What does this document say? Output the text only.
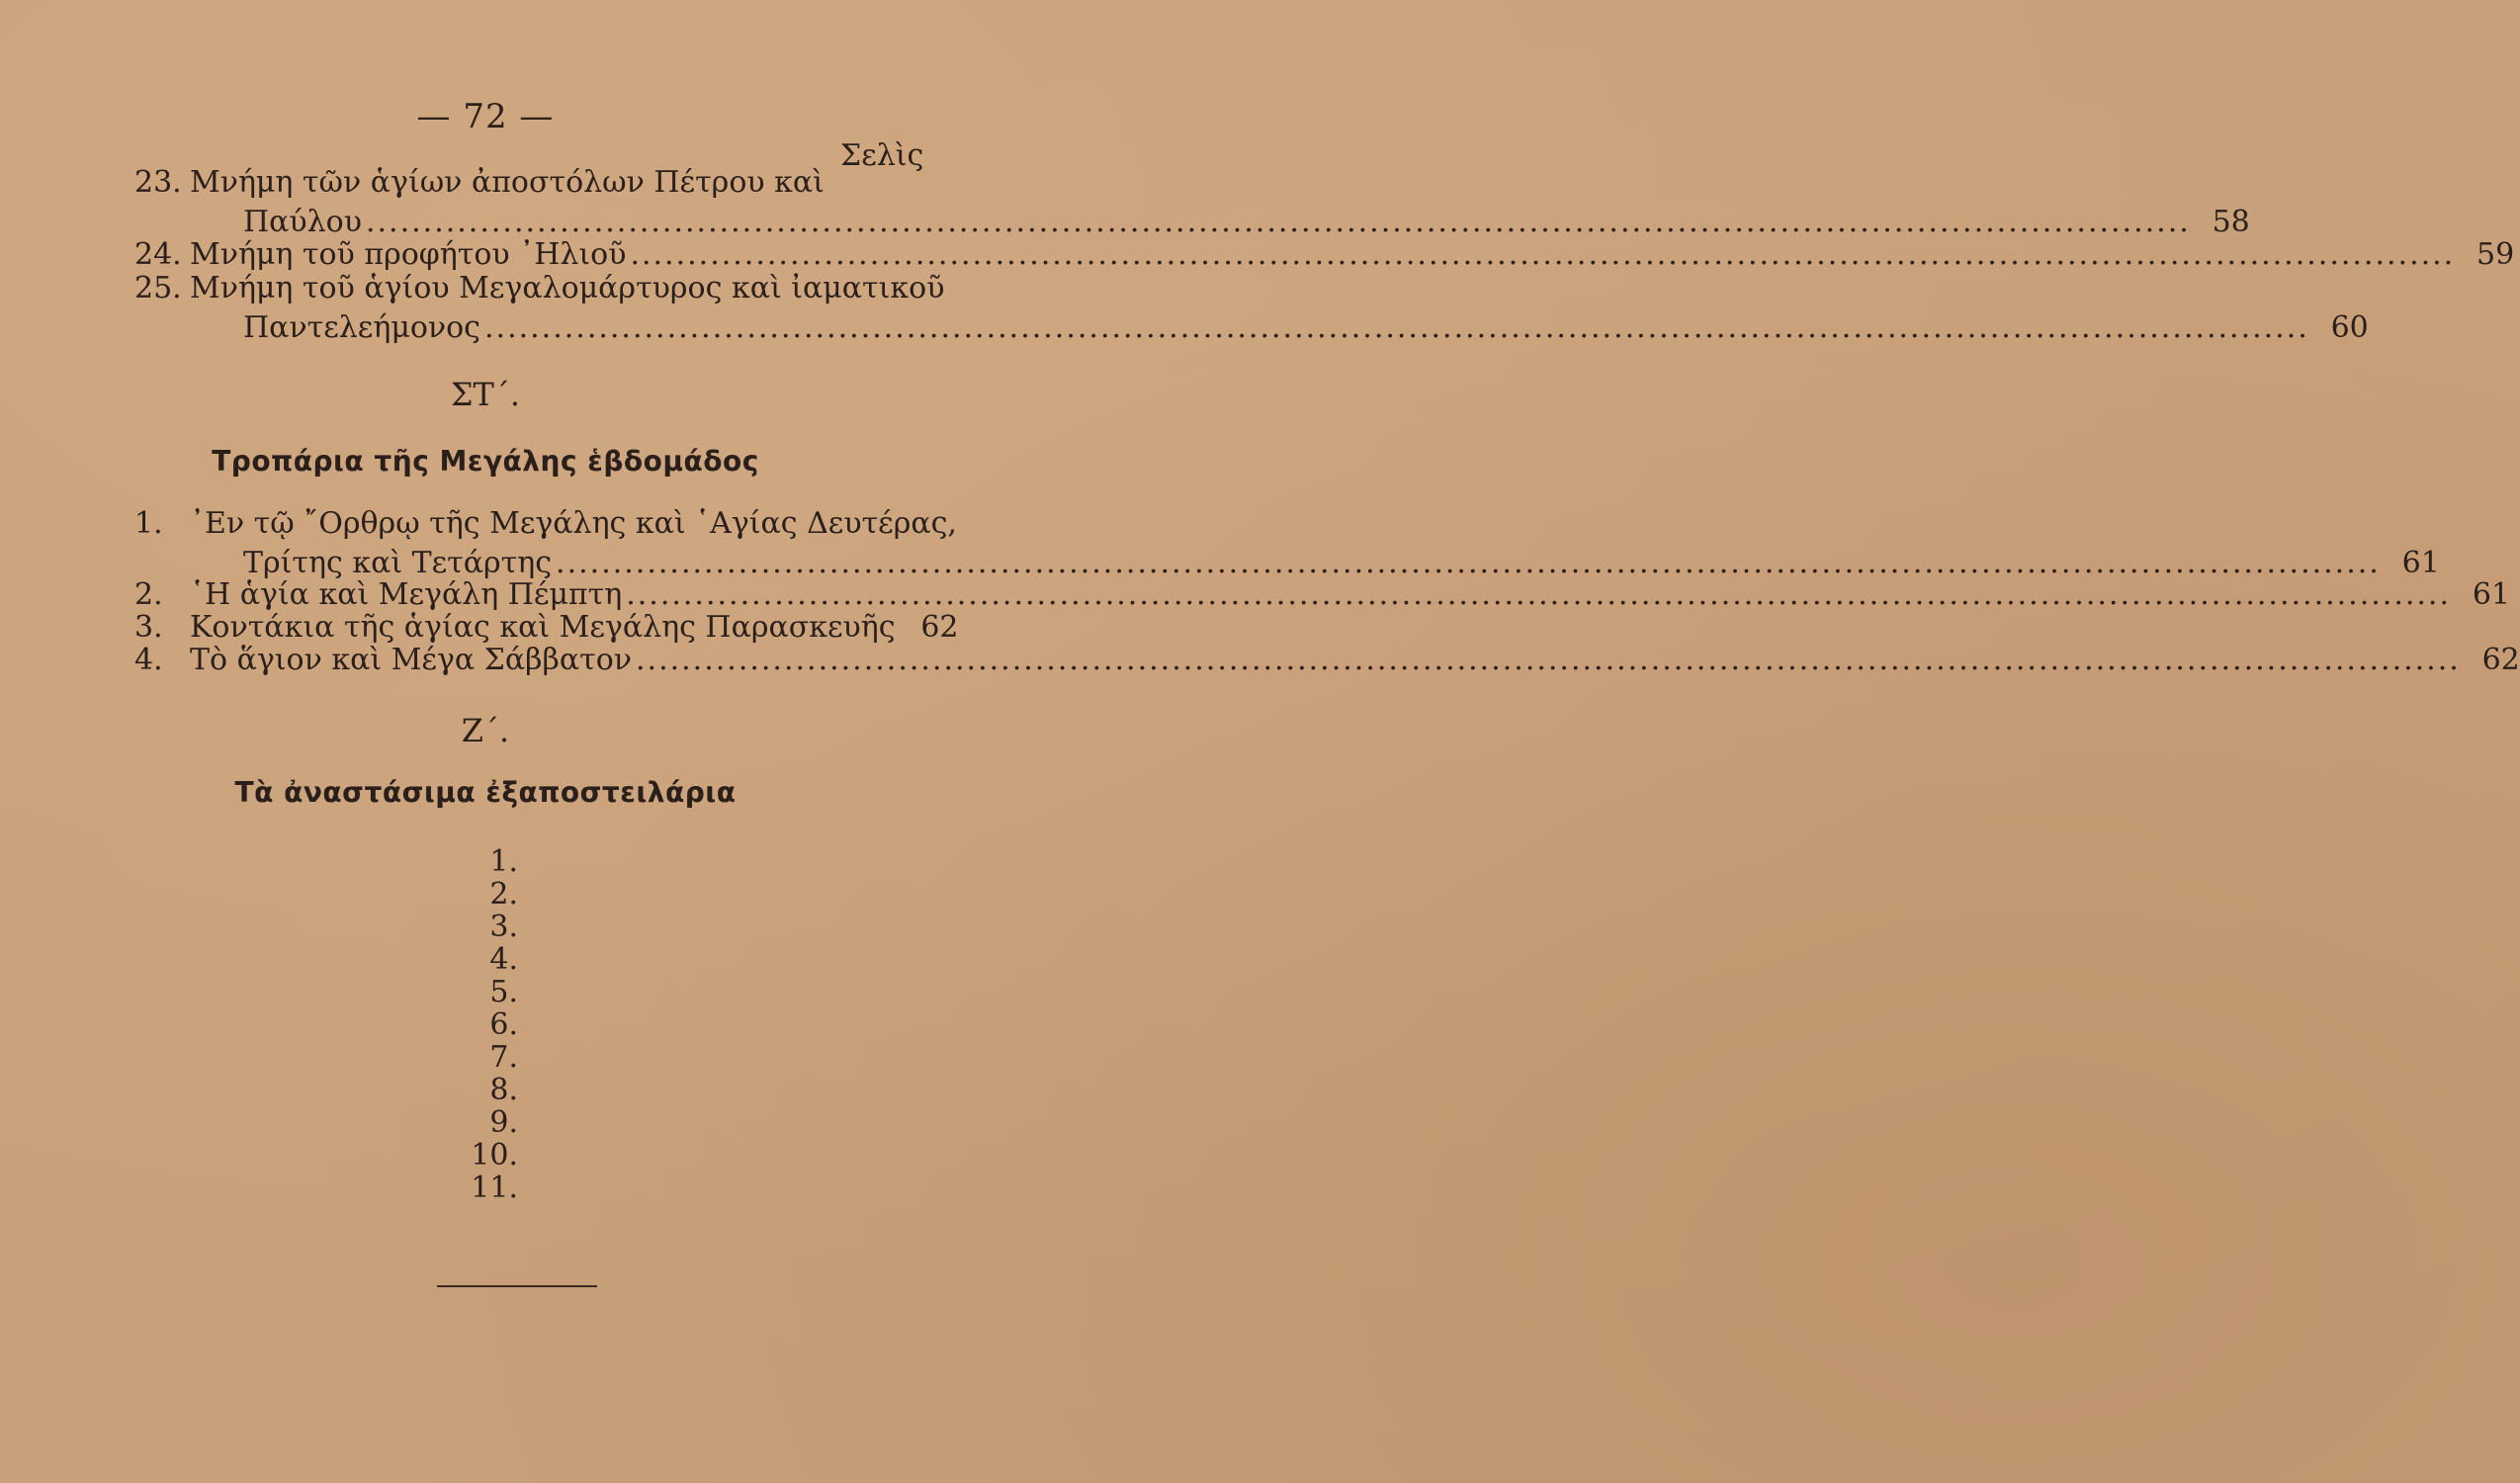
— 72 —
Σελὶς
23. Μνήμη τῶν ἁγίων ἀποστόλων Πέτρου καὶ
Παύλου .....	58
24. Μνήμη τοῦ προφήτου ᾿Ηλιοῦ .....	59
25. Μνήμη τοῦ ἁγίου Μεγαλομάρτυρος καὶ ἰαματικοῦ
Παντελεήμονος .....	60
ΣΤ΄.
Τροπάρια τῆς Μεγάλης ἑβδομάδος
1. ᾿Εν τῷ ῎Ορθρῳ τῆς Μεγάλης καὶ ῾Αγίας Δευτέρας,
Τρίτης καὶ Τετάρτης .....	61
2. ῾Η ἁγία καὶ Μεγάλη Πέμπτη .....	61
3. Κοντάκια τῆς ἁγίας καὶ Μεγάλης Παρασκευῆς 62
4. Τὸ ἅγιον καὶ Μέγα Σάββατον .....	62
Ζ΄.
Τὰ ἀναστάσιμα ἐξαποστειλάρια
1.
2.
3.
4.
5.
6.
7.
8.
9.
10.
11.
